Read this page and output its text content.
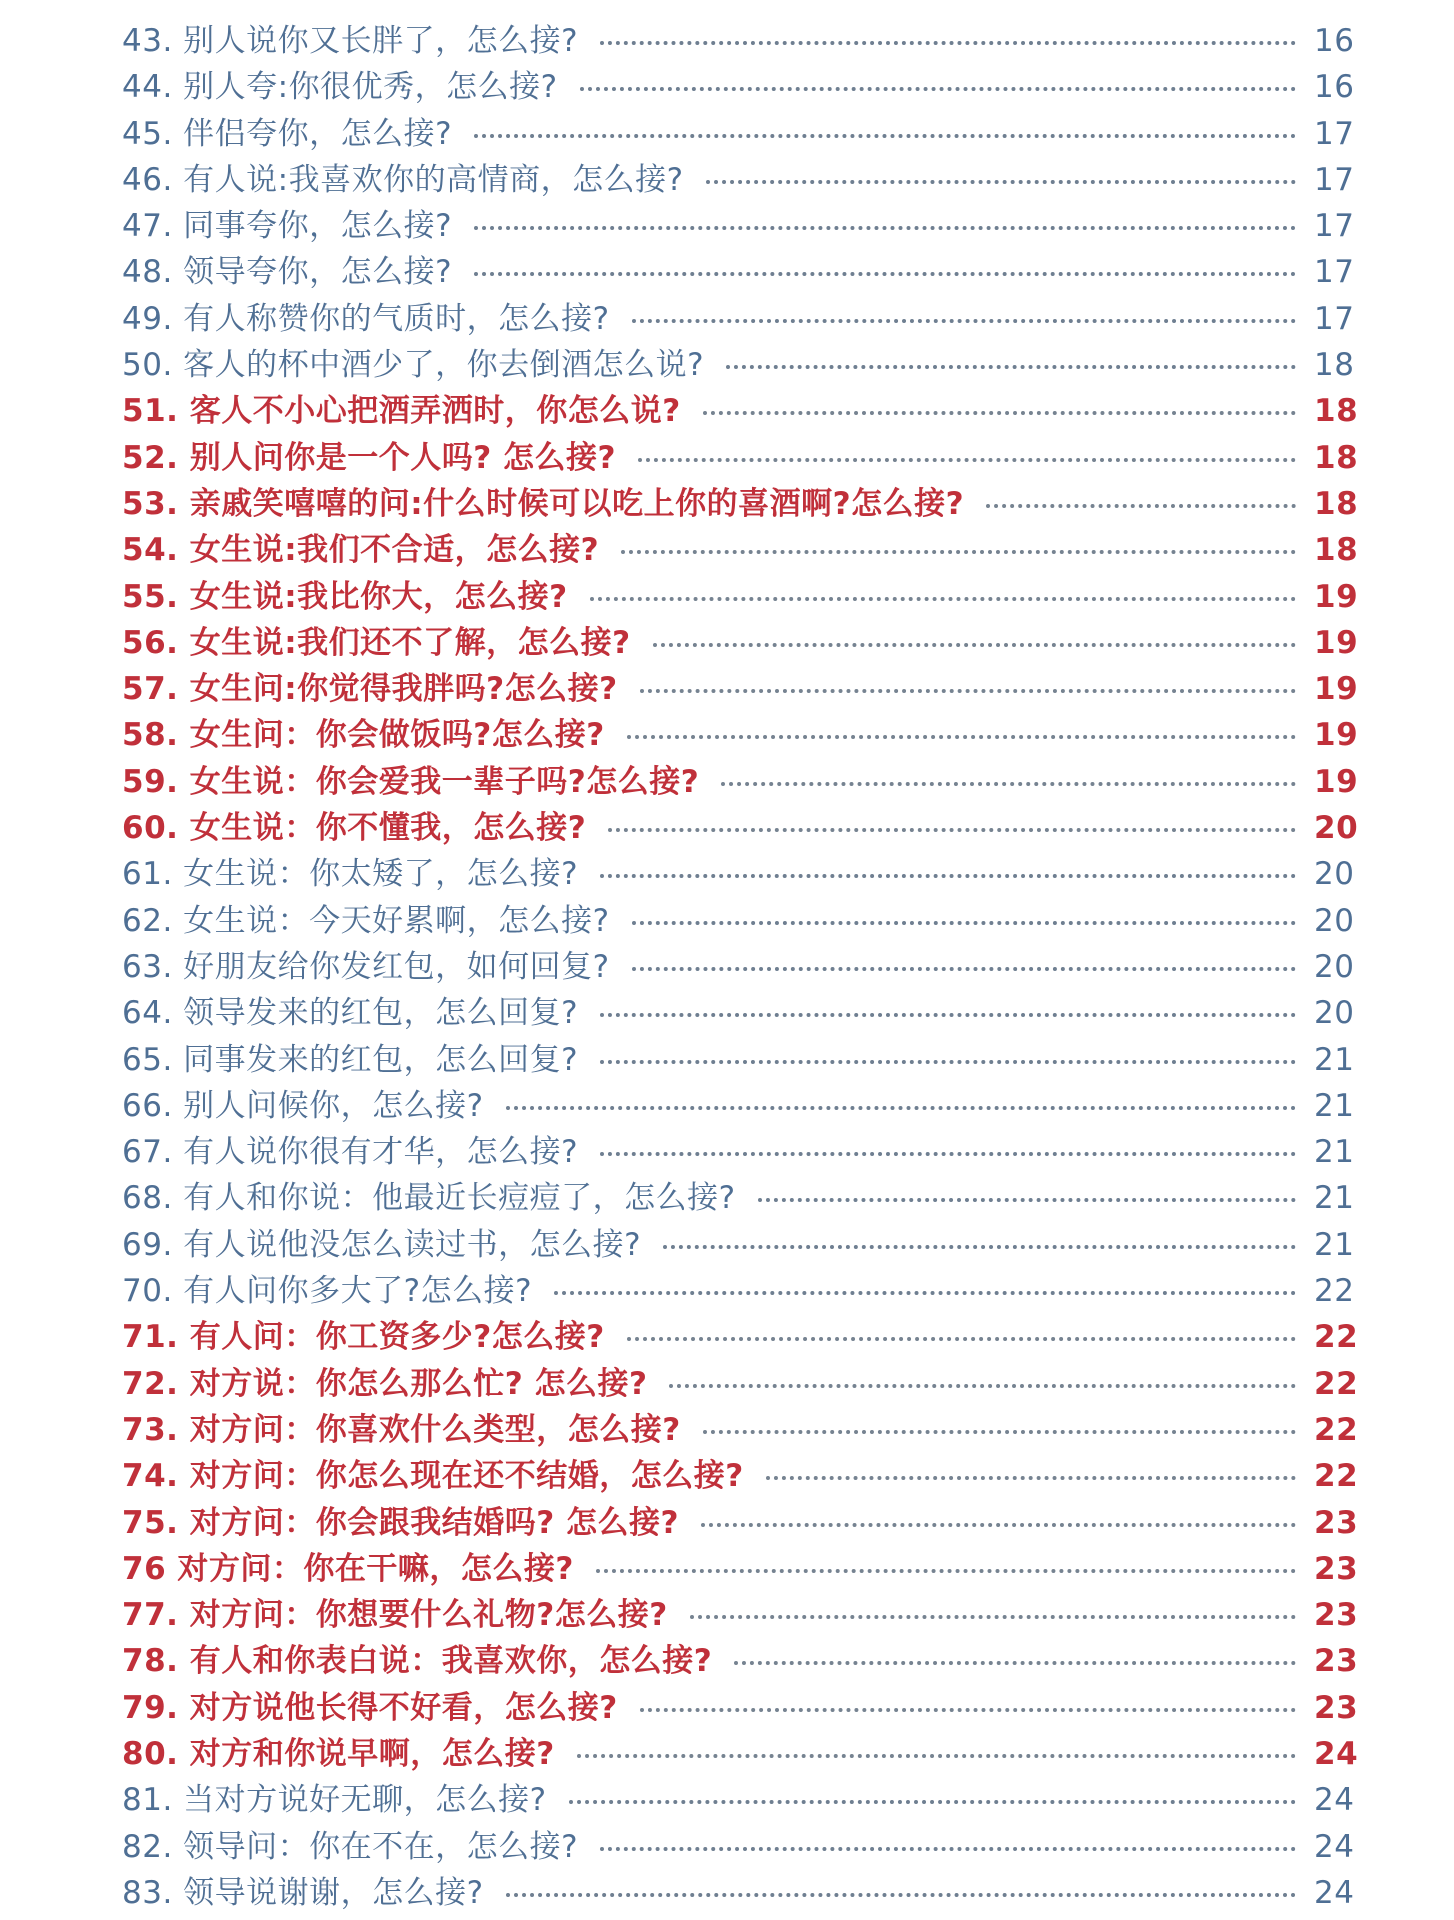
43. 别人说你又长胖了，怎么接?	16
44. 别人夸:你很优秀，怎么接?	16
45. 伴侣夸你，怎么接?	17
46. 有人说:我喜欢你的高情商，怎么接?	17
47. 同事夸你，怎么接?	17
48. 领导夸你，怎么接?	17
49. 有人称赞你的气质时，怎么接?	17
50. 客人的杯中酒少了，你去倒酒怎么说?	18
51. 客人不小心把酒弄洒时，你怎么说?	18
52. 别人问你是一个人吗? 怎么接?	18
53. 亲戚笑嘻嘻的问:什么时候可以吃上你的喜酒啊?怎么接?	18
54. 女生说:我们不合适，怎么接?	18
55. 女生说:我比你大，怎么接?	19
56. 女生说:我们还不了解，怎么接?	19
57. 女生问:你觉得我胖吗?怎么接?	19
58. 女生问：你会做饭吗?怎么接?	19
59. 女生说：你会爱我一辈子吗?怎么接?	19
60. 女生说：你不懂我，怎么接?	20
61. 女生说：你太矮了，怎么接?	20
62. 女生说：今天好累啊，怎么接?	20
63. 好朋友给你发红包，如何回复?	20
64. 领导发来的红包，怎么回复?	20
65. 同事发来的红包，怎么回复?	21
66. 别人问候你，怎么接?	21
67. 有人说你很有才华，怎么接?	21
68. 有人和你说：他最近长痘痘了，怎么接?	21
69. 有人说他没怎么读过书，怎么接?	21
70. 有人问你多大了?怎么接?	22
71. 有人问：你工资多少?怎么接?	22
72. 对方说：你怎么那么忙? 怎么接?	22
73. 对方问：你喜欢什么类型，怎么接?	22
74. 对方问：你怎么现在还不结婚，怎么接?	22
75. 对方问：你会跟我结婚吗? 怎么接?	23
76 对方问：你在干嘛，怎么接?	23
77. 对方问：你想要什么礼物?怎么接?	23
78. 有人和你表白说：我喜欢你，怎么接?	23
79. 对方说他长得不好看，怎么接?	23
80. 对方和你说早啊，怎么接?	24
81. 当对方说好无聊，怎么接?	24
82. 领导问：你在不在，怎么接?	24
83. 领导说谢谢，怎么接?	24
